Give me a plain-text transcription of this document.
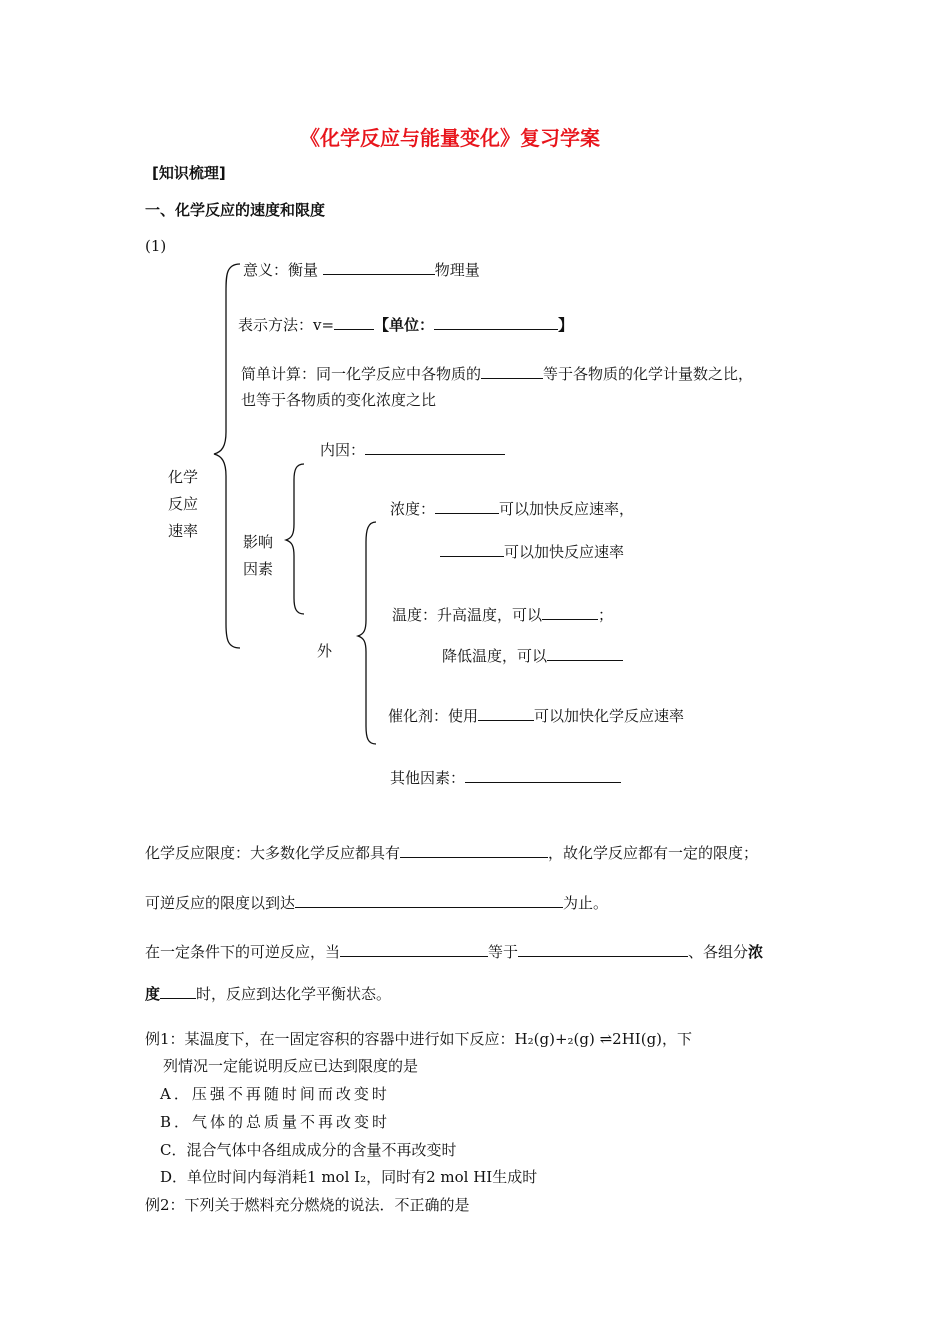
《化学反应与能量变化》复习学案
[知识梳理]
一、化学反应的速度和限度
(1)
化学
反应
速率
意义：衡量	物理量
表示方法：v=	【单位：	】
简单计算：同一化学反应中各物质的	等于各物质的化学计量数之比，
也等于各物质的变化浓度之比
影响
因素
内因：
外
浓度：	可以加快反应速率，
可以加快反应速率
温度：升高温度，可以	；
降低温度，可以
催化剂：使用	可以加快化学反应速率
其他因素：
化学反应限度：大多数化学反应都具有	，故化学反应都有一定的限度；
可逆反应的限度以到达	为止。
在一定条件下的可逆反应，当	等于	、各组分浓
度 时，反应到达化学平衡状态。
例1：某温度下，在一固定容积的容器中进行如下反应：H₂(g)+₂(g) ⇌2HI(g)，下
列情况一定能说明反应已达到限度的是
A．压强不再随时间而改变时
B．气体的总质量不再改变时
C．混合气体中各组成成分的含量不再改变时
D．单位时间内每消耗1 mol I₂，同时有2 mol HI生成时
例2：下列关于燃料充分燃烧的说法．不正确的是
